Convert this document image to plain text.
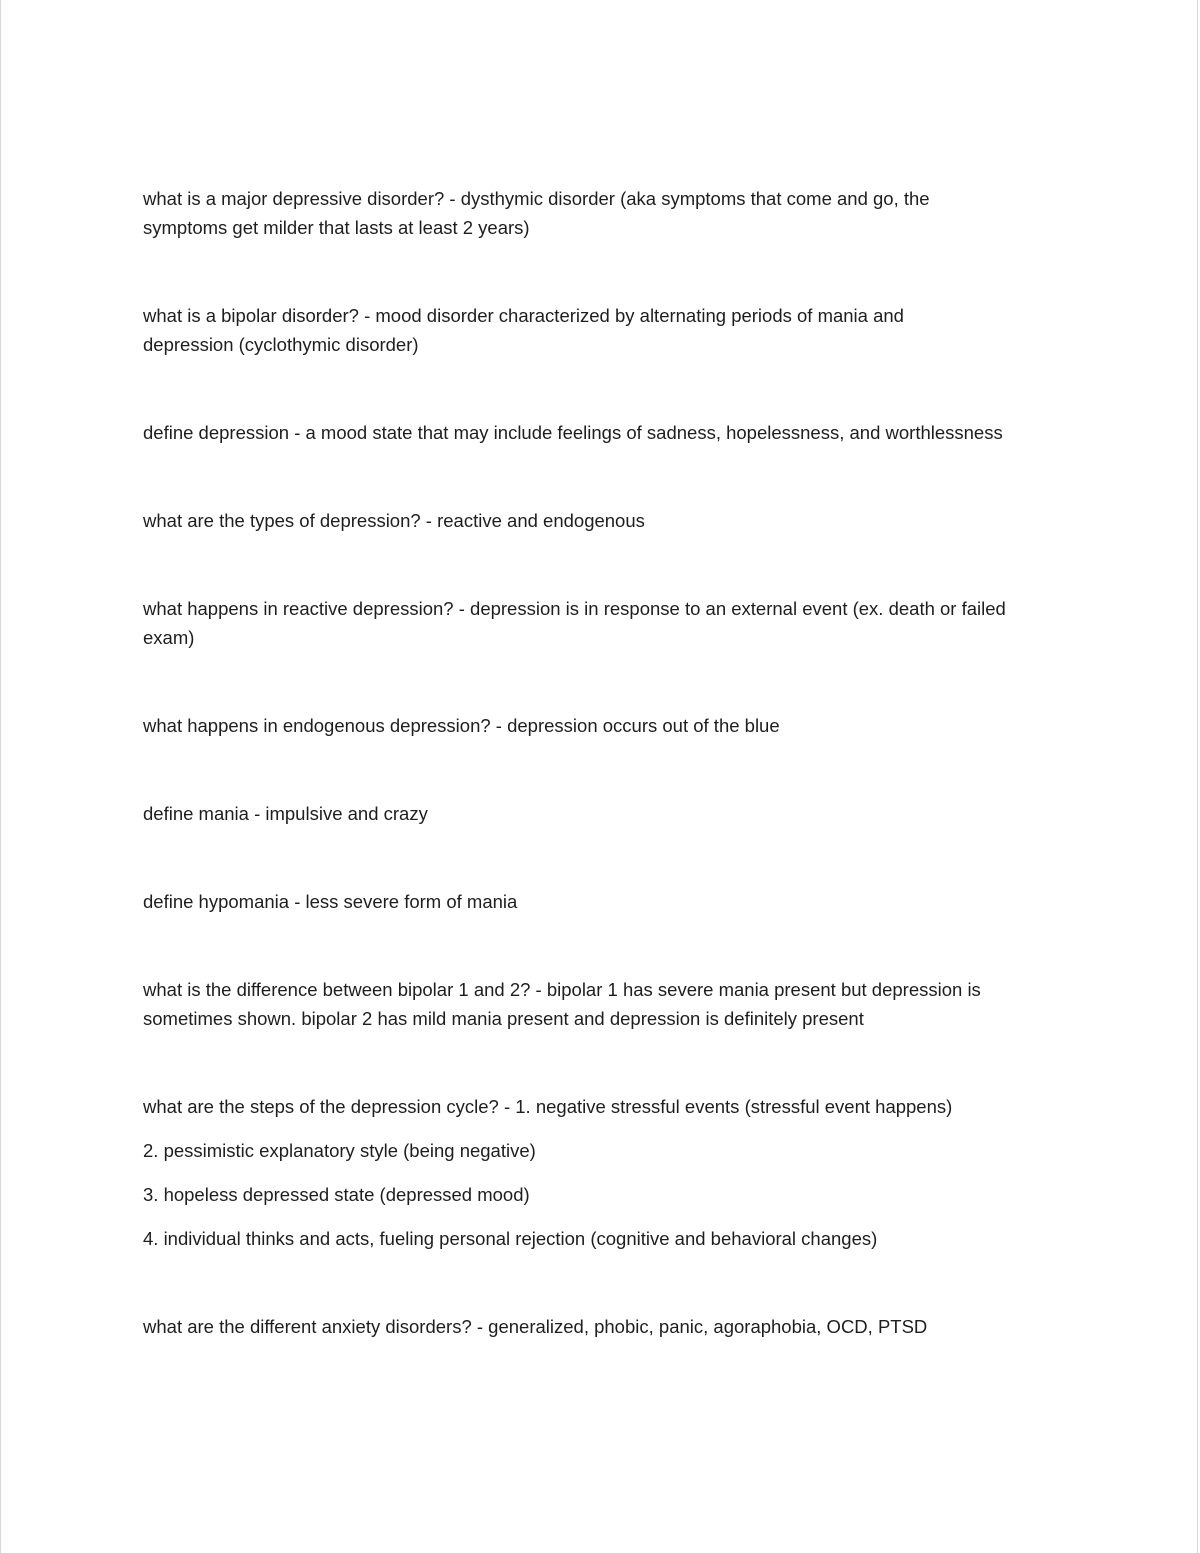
what is a major depressive disorder? - dysthymic disorder (aka symptoms that come and go, the symptoms get milder that lasts at least 2 years)

what is a bipolar disorder? - mood disorder characterized by alternating periods of mania and depression (cyclothymic disorder)

define depression - a mood state that may include feelings of sadness, hopelessness, and worthlessness

what are the types of depression? - reactive and endogenous

what happens in reactive depression? - depression is in response to an external event (ex. death or failed exam)

what happens in endogenous depression? - depression occurs out of the blue

define mania - impulsive and crazy

define hypomania - less severe form of mania

what is the difference between bipolar 1 and 2? - bipolar 1 has severe mania present but depression is sometimes shown. bipolar 2 has mild mania present and depression is definitely present

what are the steps of the depression cycle? - 1. negative stressful events (stressful event happens)
2. pessimistic explanatory style (being negative)
3. hopeless depressed state (depressed mood)
4. individual thinks and acts, fueling personal rejection (cognitive and behavioral changes)

what are the different anxiety disorders? - generalized, phobic, panic, agoraphobia, OCD, PTSD
